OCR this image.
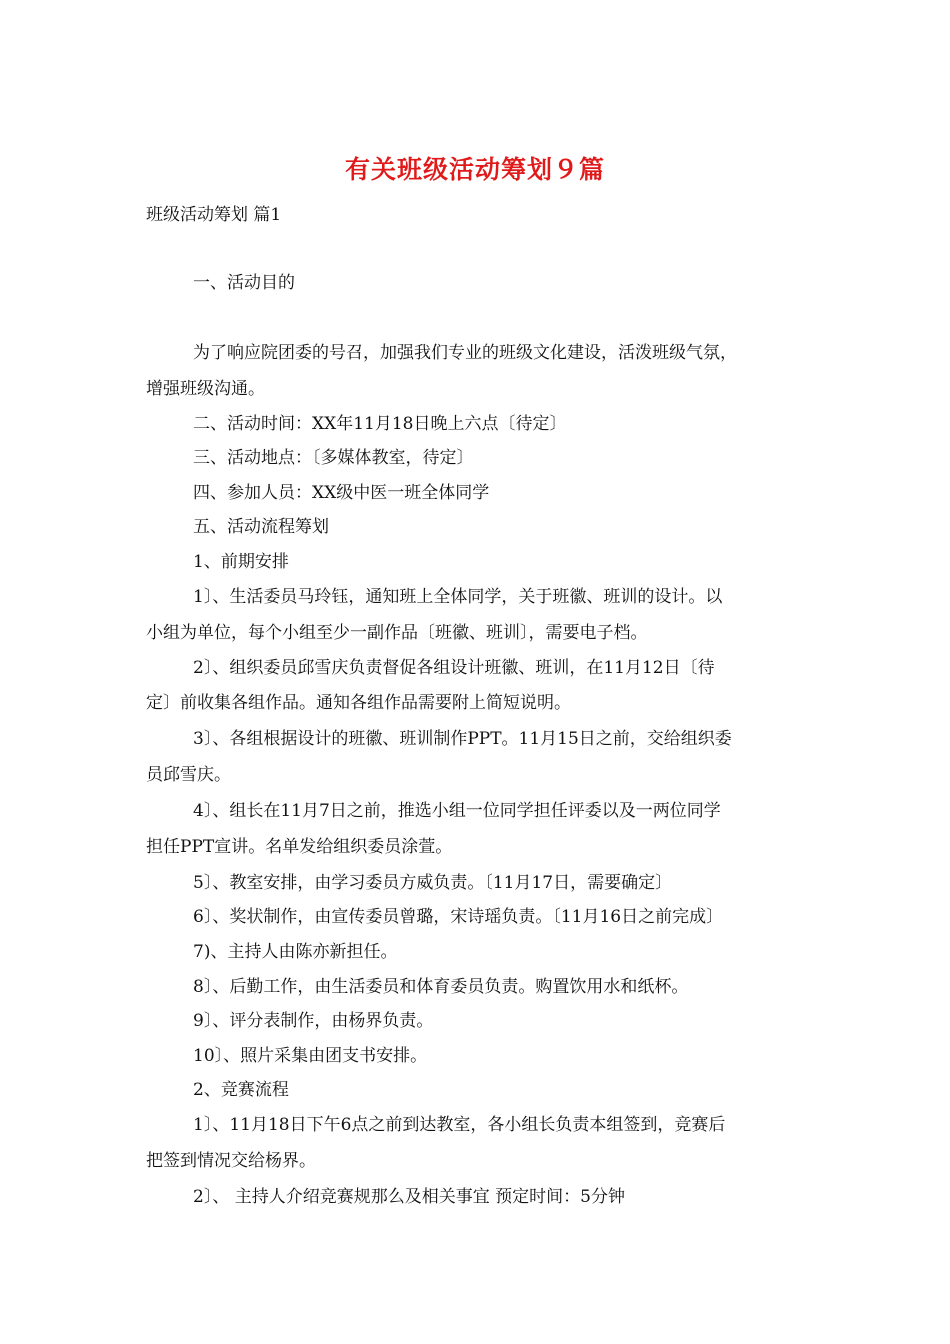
有关班级活动筹划９篇

班级活动筹划 篇1

一、活动目的

为了响应院团委的号召，加强我们专业的班级文化建设，活泼班级气氛，

增强班级沟通。

二、活动时间：XX年11月18日晚上六点〔待定〕

三、活动地点：〔多媒体教室，待定〕

四、参加人员：XX级中医一班全体同学

五、活动流程筹划

1、前期安排

1〕、生活委员马玲钰，通知班上全体同学，关于班徽、班训的设计。以

小组为单位，每个小组至少一副作品〔班徽、班训〕，需要电子档。

2〕、组织委员邱雪庆负责督促各组设计班徽、班训，在11月12日〔待

定〕前收集各组作品。通知各组作品需要附上简短说明。

3〕、各组根据设计的班徽、班训制作PPT。11月15日之前，交给组织委

员邱雪庆。

4〕、组长在11月7日之前，推选小组一位同学担任评委以及一两位同学

担任PPT宣讲。名单发给组织委员涂萱。

5〕、教室安排，由学习委员方威负责。〔11月17日，需要确定〕

6〕、奖状制作，由宣传委员曾璐，宋诗瑶负责。〔11月16日之前完成〕

7)、主持人由陈亦新担任。

8〕、后勤工作，由生活委员和体育委员负责。购置饮用水和纸杯。

9〕、评分表制作，由杨界负责。

10〕、照片采集由团支书安排。

2、竞赛流程

1〕、11月18日下午6点之前到达教室，各小组长负责本组签到，竞赛后

把签到情况交给杨界。

2〕、 主持人介绍竞赛规那么及相关事宜 预定时间：5分钟
